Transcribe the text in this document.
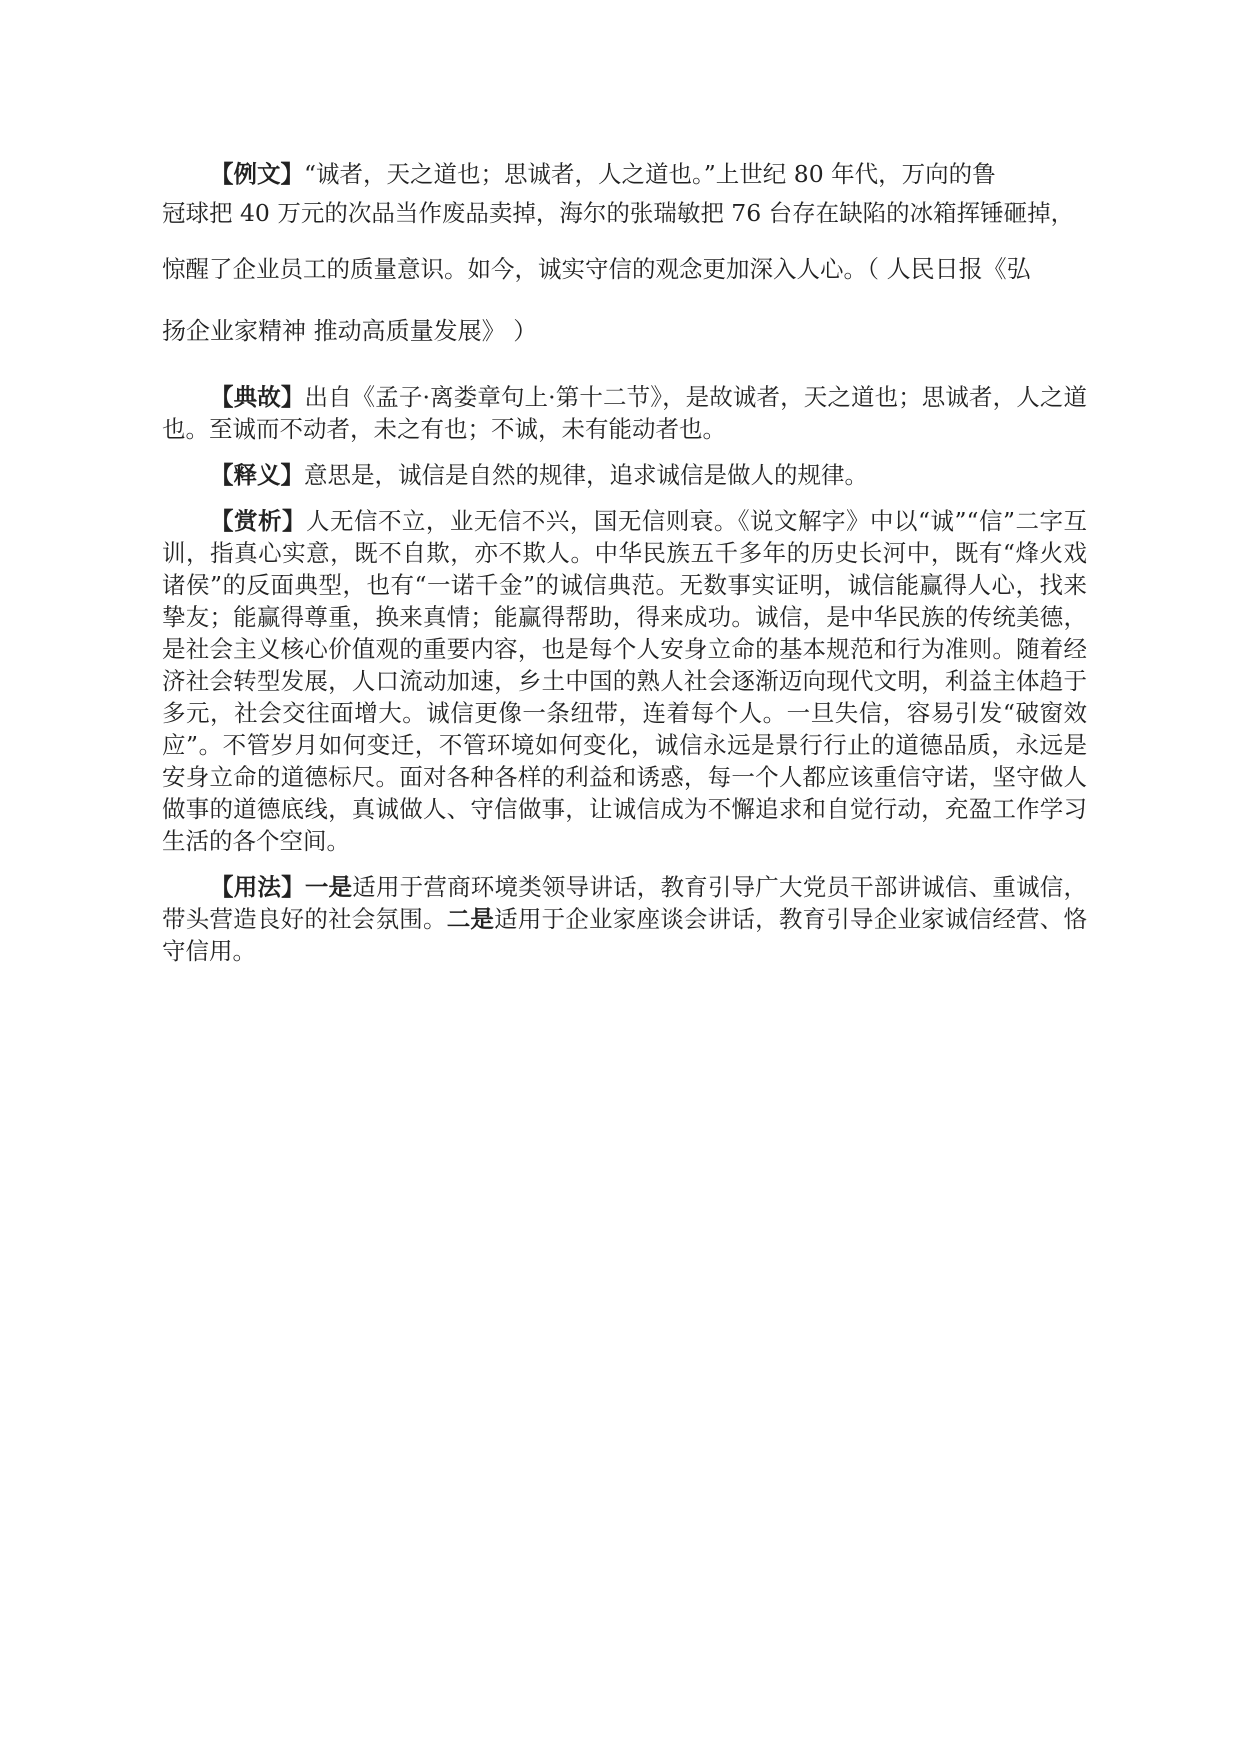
【例文】“诚者，天之道也；思诚者，人之道也。”上世纪 80 年代，万向的鲁
冠球把 40 万元的次品当作废品卖掉，海尔的张瑞敏把 76 台存在缺陷的冰箱挥锤砸掉，
惊醒了企业员工的质量意识。如今，诚实守信的观念更加深入人心。（ 人民日报《弘
扬企业家精神 推动高质量发展》 ）

【典故】出自《孟子·离娄章句上·第十二节》，是故诚者，天之道也；思诚者，人之道也。至诚而不动者，未之有也；不诚，未有能动者也。

【释义】意思是，诚信是自然的规律，追求诚信是做人的规律。

【赏析】人无信不立，业无信不兴，国无信则衰。《说文解字》中以“诚”“信”二字互训，指真心实意，既不自欺，亦不欺人。中华民族五千多年的历史长河中，既有“烽火戏诸侯”的反面典型，也有“一诺千金”的诚信典范。无数事实证明，诚信能赢得人心，找来挚友；能赢得尊重，换来真情；能赢得帮助，得来成功。诚信，是中华民族的传统美德，是社会主义核心价值观的重要内容，也是每个人安身立命的基本规范和行为准则。随着经济社会转型发展，人口流动加速，乡土中国的熟人社会逐渐迈向现代文明，利益主体趋于多元，社会交往面增大。诚信更像一条纽带，连着每个人。一旦失信，容易引发“破窗效应”。不管岁月如何变迁，不管环境如何变化，诚信永远是景行行止的道德品质，永远是安身立命的道德标尺。面对各种各样的利益和诱惑，每一个人都应该重信守诺，坚守做人做事的道德底线，真诚做人、守信做事，让诚信成为不懈追求和自觉行动，充盈工作学习生活的各个空间。

【用法】一是适用于营商环境类领导讲话，教育引导广大党员干部讲诚信、重诚信，带头营造良好的社会氛围。二是适用于企业家座谈会讲话，教育引导企业家诚信经营、恪守信用。
